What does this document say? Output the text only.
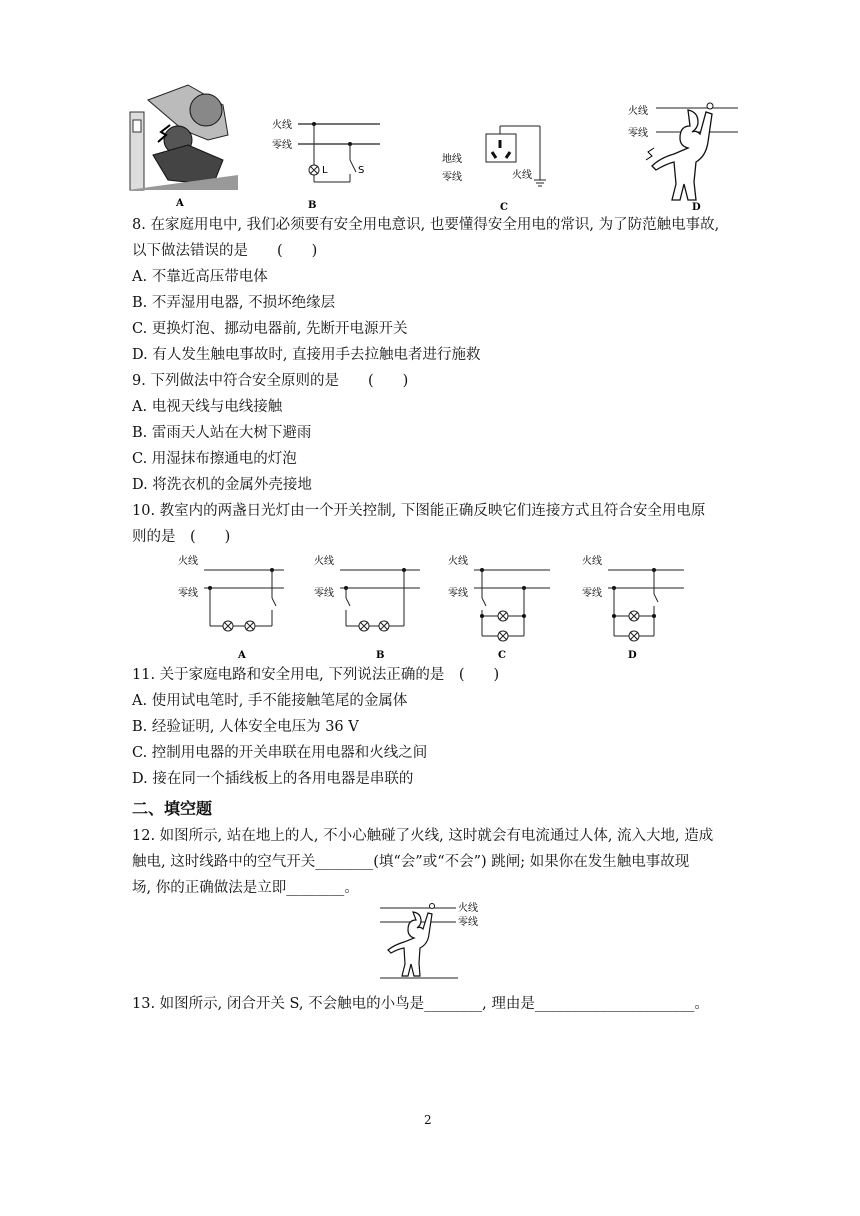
A
火线
零线
L	S
B
地线
零线	火线
C
火线
零线
D
8. 在家庭用电中, 我们必须要有安全用电意识, 也要懂得安全用电的常识, 为了防范触电事故,
以下做法错误的是　　(　　)
A. 不靠近高压带电体
B. 不弄湿用电器, 不损坏绝缘层
C. 更换灯泡、挪动电器前, 先断开电源开关
D. 有人发生触电事故时, 直接用手去拉触电者进行施救
9. 下列做法中符合安全原则的是　　(　　)
A. 电视天线与电线接触
B. 雷雨天人站在大树下避雨
C. 用湿抹布擦通电的灯泡
D. 将洗衣机的金属外壳接地
10. 教室内的两盏日光灯由一个开关控制, 下图能正确反映它们连接方式且符合安全用电原
则的是　(　　)
火线
零线
A
火线
零线
B
火线
零线
C
火线
零线
D
11. 关于家庭电路和安全用电, 下列说法正确的是　(　　)
A. 使用试电笔时, 手不能接触笔尾的金属体
B. 经验证明, 人体安全电压为 36 V
C. 控制用电器的开关串联在用电器和火线之间
D. 接在同一个插线板上的各用电器是串联的
二、填空题
12. 如图所示, 站在地上的人, 不小心触碰了火线, 这时就会有电流通过人体, 流入大地, 造成
触电, 这时线路中的空气开关________(填“会”或“不会”) 跳闸; 如果你在发生触电事故现
场, 你的正确做法是立即________。
火线
零线
13. 如图所示, 闭合开关 S, 不会触电的小鸟是________, 理由是______________________。
2
